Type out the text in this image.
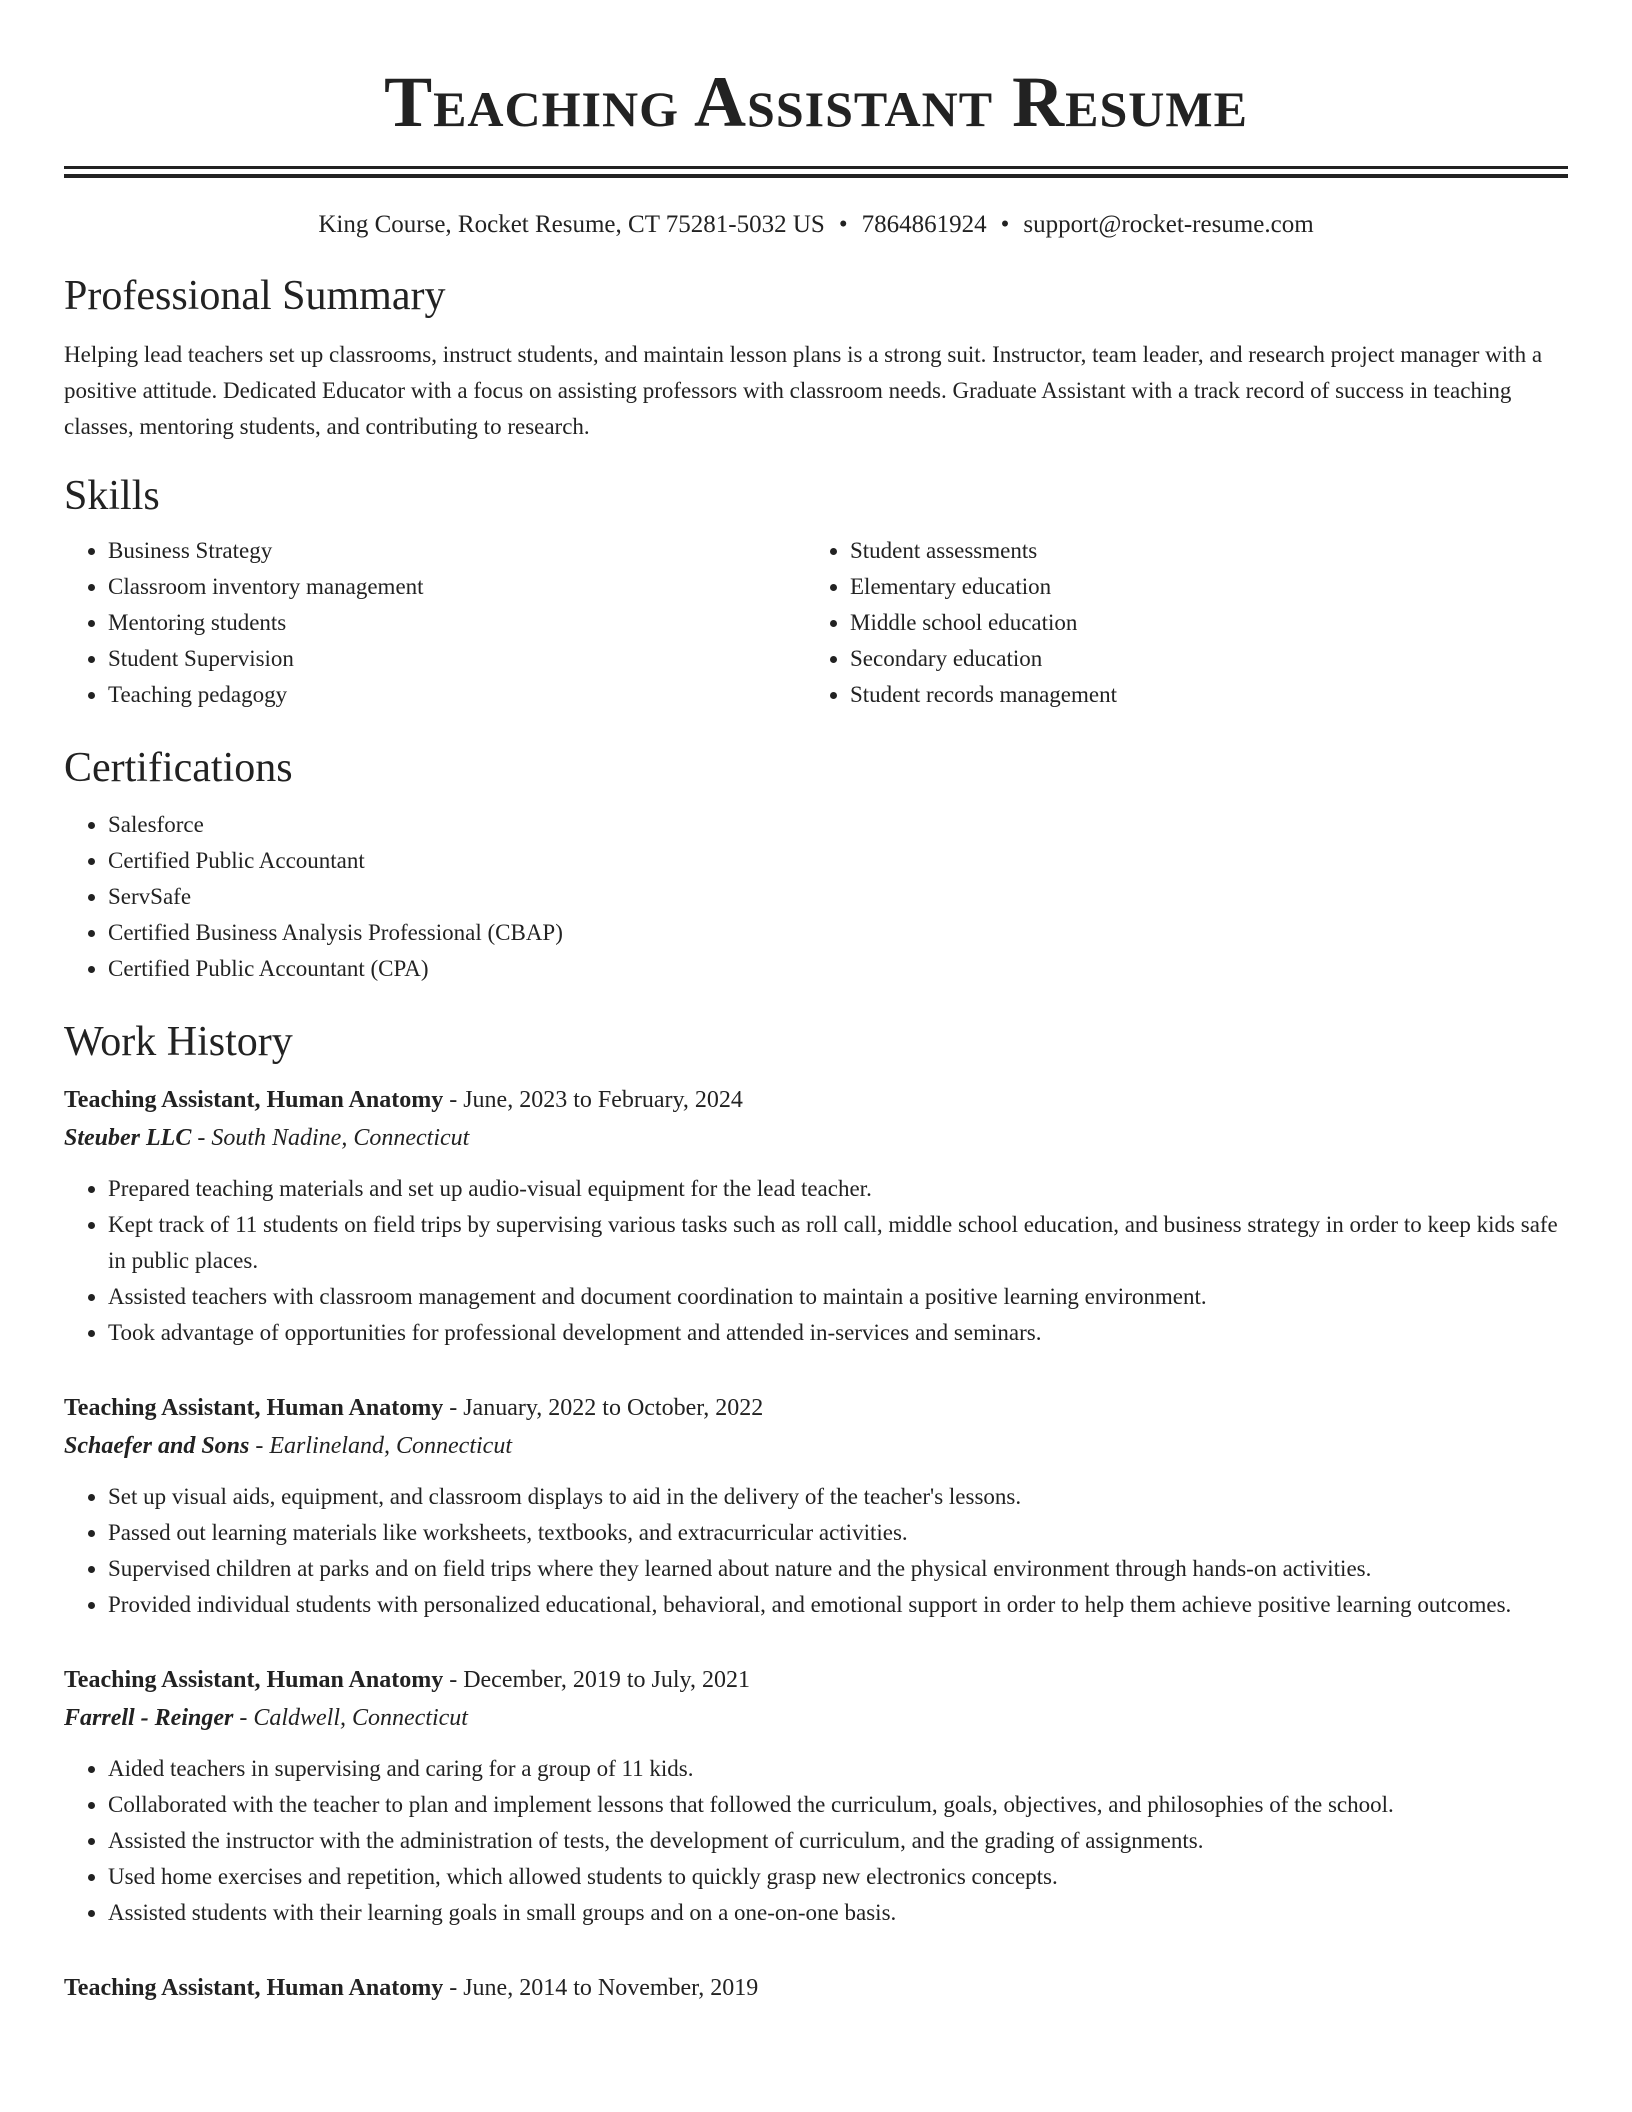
Teaching Assistant Resume
King Course, Rocket Resume, CT 75281-5032 US • 7864861924 • support@rocket-resume.com
Professional Summary
Helping lead teachers set up classrooms, instruct students, and maintain lesson plans is a strong suit. Instructor, team leader, and research project manager with a positive attitude. Dedicated Educator with a focus on assisting professors with classroom needs. Graduate Assistant with a track record of success in teaching classes, mentoring students, and contributing to research.
Skills
• Business Strategy
• Classroom inventory management
• Mentoring students
• Student Supervision
• Teaching pedagogy
• Student assessments
• Elementary education
• Middle school education
• Secondary education
• Student records management
Certifications
• Salesforce
• Certified Public Accountant
• ServSafe
• Certified Business Analysis Professional (CBAP)
• Certified Public Accountant (CPA)
Work History
Teaching Assistant, Human Anatomy - June, 2023 to February, 2024
Steuber LLC - South Nadine, Connecticut
• Prepared teaching materials and set up audio-visual equipment for the lead teacher.
• Kept track of 11 students on field trips by supervising various tasks such as roll call, middle school education, and business strategy in order to keep kids safe in public places.
• Assisted teachers with classroom management and document coordination to maintain a positive learning environment.
• Took advantage of opportunities for professional development and attended in-services and seminars.
Teaching Assistant, Human Anatomy - January, 2022 to October, 2022
Schaefer and Sons - Earlineland, Connecticut
• Set up visual aids, equipment, and classroom displays to aid in the delivery of the teacher's lessons.
• Passed out learning materials like worksheets, textbooks, and extracurricular activities.
• Supervised children at parks and on field trips where they learned about nature and the physical environment through hands-on activities.
• Provided individual students with personalized educational, behavioral, and emotional support in order to help them achieve positive learning outcomes.
Teaching Assistant, Human Anatomy - December, 2019 to July, 2021
Farrell - Reinger - Caldwell, Connecticut
• Aided teachers in supervising and caring for a group of 11 kids.
• Collaborated with the teacher to plan and implement lessons that followed the curriculum, goals, objectives, and philosophies of the school.
• Assisted the instructor with the administration of tests, the development of curriculum, and the grading of assignments.
• Used home exercises and repetition, which allowed students to quickly grasp new electronics concepts.
• Assisted students with their learning goals in small groups and on a one-on-one basis.
Teaching Assistant, Human Anatomy - June, 2014 to November, 2019
